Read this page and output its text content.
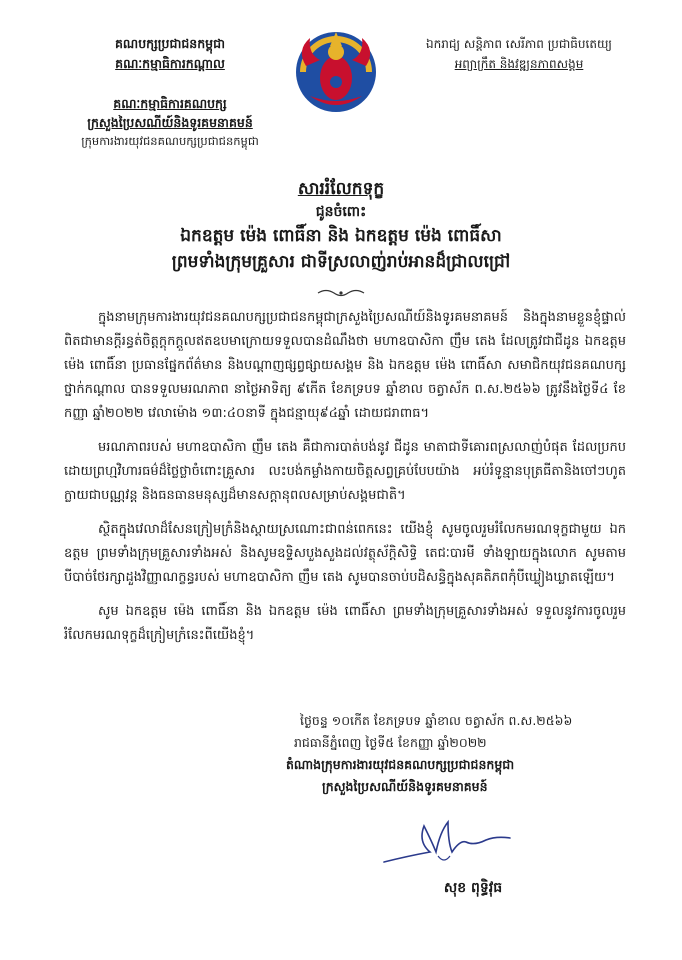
គណបក្សប្រជាជនកម្ពុជា
គណៈកម្មាធិការកណ្តាល
ឯករាជ្យ សន្តិភាព សេរីភាព ប្រជាធិបតេយ្យ
អព្យាក្រឹត និងវឌ្ឍនភាពសង្គម
គណៈកម្មាធិការគណបក្ស
ក្រសួងប្រៃសណីយ៍និងទូរគមនាគមន៍
ក្រុមការងារយុវជនគណបក្សប្រជាជនកម្ពុជា
សាររំលែកទុក្ខ
ជូនចំពោះ
ឯកឧត្តម ម៉េង ពោធិ៍នា និង ឯកឧត្តម ម៉េង ពោធិ៍សា
ព្រមទាំងក្រុមគ្រួសារ ជាទីស្រលាញ់រាប់អានដ៏ជ្រាលជ្រៅ

ក្នុងនាមក្រុមការងារយុវជនគណបក្សប្រជាជនកម្ពុជាក្រសួងប្រៃសណីយ៍និងទូរគមនាគមន៍ និងក្នុងនាមខ្លួនខ្ញុំផ្ទាល់ ពិតជាមានក្តីរន្ធត់ចិត្តក្តុកក្តួលឥតឧបមាក្រោយទទួលបានដំណឹងថា មហាឧបាសិកា ញឹម តេង ដែលត្រូវជាជីដូន ឯកឧត្តម ម៉េង ពោធិ៍នា ប្រធានផ្នែកព័ត៌មាន និងបណ្តាញផ្សព្វផ្សាយសង្គម និង ឯកឧត្តម ម៉េង ពោធិ៍សា សមាជិកយុវជនគណបក្សថ្នាក់កណ្តាល បានទទួលមរណភាព នាថ្ងៃអាទិត្យ ៩កើត ខែភទ្របទ ឆ្នាំខាល ចត្វាស័ក ព.ស.២៥៦៦ ត្រូវនឹងថ្ងៃទី៤ ខែកញ្ញា ឆ្នាំ២០២២ វេលាម៉ោង ១៣:៤០នាទី ក្នុងជន្មាយុ៩៤ឆ្នាំ ដោយជរាពាធ។

មរណភាពរបស់ មហាឧបាសិកា ញឹម តេង គឺជាការបាត់បង់នូវ ជីដូន មាតាជាទីគោរពស្រលាញ់បំផុត ដែលប្រកបដោយព្រហ្មវិហារធម៌ដ៏ថ្លៃថ្លាចំពោះគ្រួសារ លះបង់កម្លាំងកាយចិត្តសព្វគ្រប់បែបយ៉ាង អប់រំទូន្មានបុត្រធីតានិងចៅៗហូតក្លាយជាបណ្ណវន្ត និងធនធានមនុស្សដ៏មានសក្តានុពលសម្រាប់សង្គមជាតិ។

ស្ថិតក្នុងវេលាដ៏សែនក្រៀមក្រំនិងស្តាយស្រណោះជាពន់ពេកនេះ យើងខ្ញុំ សូមចូលរួមរំលែកមរណទុក្ខជាមួយ ឯកឧត្តម ព្រមទាំងក្រុមគ្រួសារទាំងអស់ និងសូមឧទ្ទិសបួងសួងដល់វត្ថុស័ក្តិសិទ្ធិ តេជៈបារមី ទាំងឡាយក្នុងលោក សូមតាមបីបាច់ថែរក្សាដួងវិញ្ញាណក្ខន្ធរបស់ មហាឧបាសិកា ញឹម តេង សូមបានចាប់បដិសន្ធិក្នុងសុគតិភពកុំបីឃ្លៀងឃ្លាតឡើយ។

សូម ឯកឧត្តម ម៉េង ពោធិ៍នា និង ឯកឧត្តម ម៉េង ពោធិ៍សា ព្រមទាំងក្រុមគ្រួសារទាំងអស់ ទទួលនូវការចូលរួមរំលែកមរណទុក្ខដ៏ក្រៀមក្រំនេះពីយើងខ្ញុំ។

ថ្ងៃចន្ទ ១០កើត ខែភទ្របទ ឆ្នាំខាល ចត្វាស័ក ព.ស.២៥៦៦
រាជធានីភ្នំពេញ ថ្ងៃទី៥ ខែកញ្ញា ឆ្នាំ២០២២
តំណាងក្រុមការងារយុវជនគណបក្សប្រជាជនកម្ពុជា
ក្រសួងប្រៃសណីយ៍និងទូរគមនាគមន៍
សុខ ពុទ្ធិវុធ
